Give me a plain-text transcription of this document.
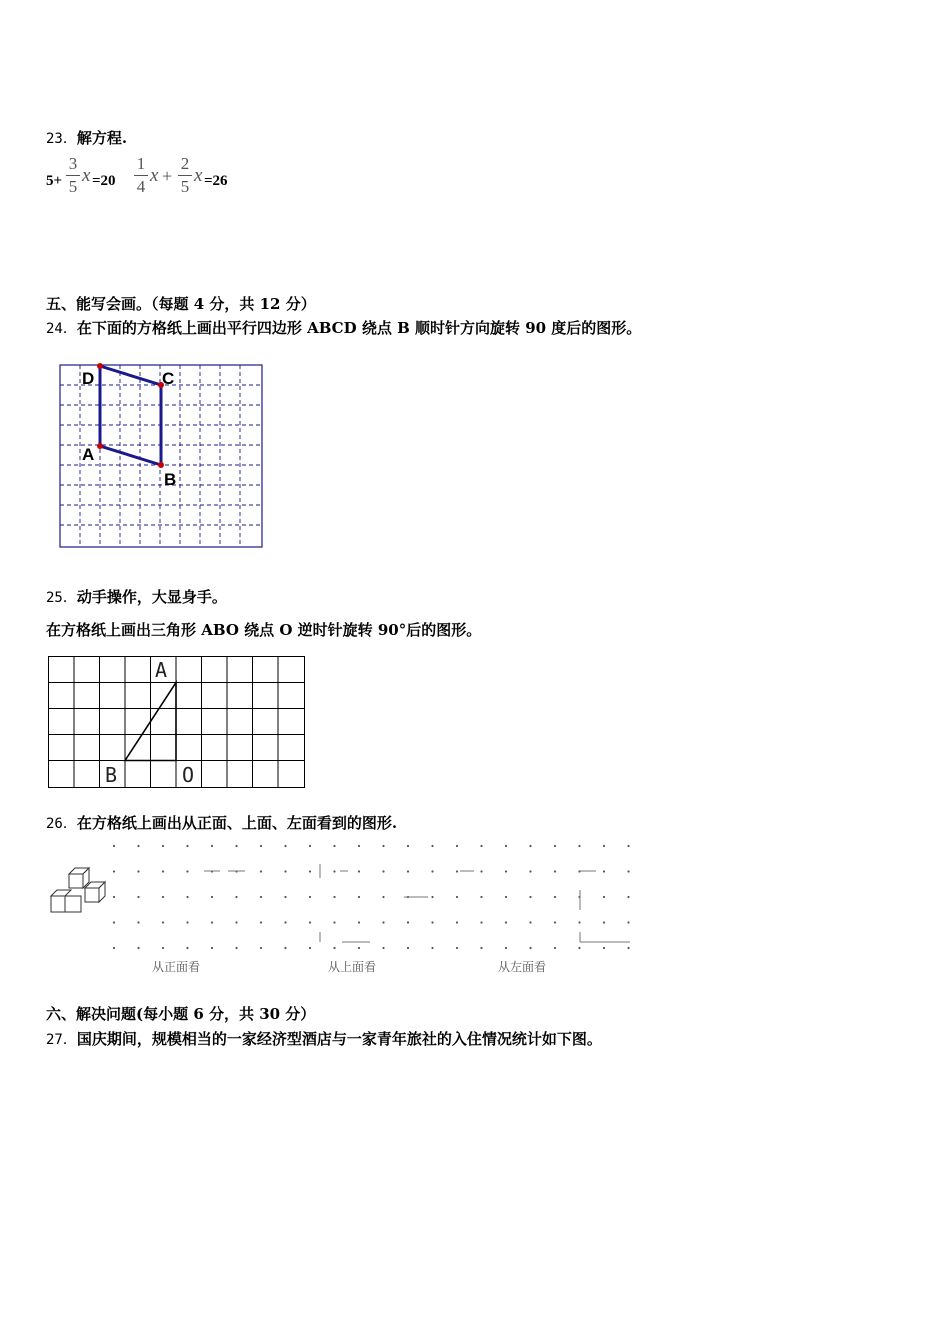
23．解方程.
5+
3
5
x =20
1
4
x +
2
5
x =26
五、能写会画。（每题 4 分，共 12 分）
24．在下面的方格纸上画出平行四边形 ABCD 绕点 B 顺时针方向旋转 90 度后的图形。
D	C
A
B
25．动手操作，大显身手。
在方格纸上画出三角形 ABO 绕点 O 逆时针旋转 90°后的图形。
A
B	O
26．在方格纸上画出从正面、上面、左面看到的图形.
从正面看	从上面看	从左面看
六、解决问题(每小题 6 分，共 30 分）
27．国庆期间，规模相当的一家经济型酒店与一家青年旅社的入住情况统计如下图。
